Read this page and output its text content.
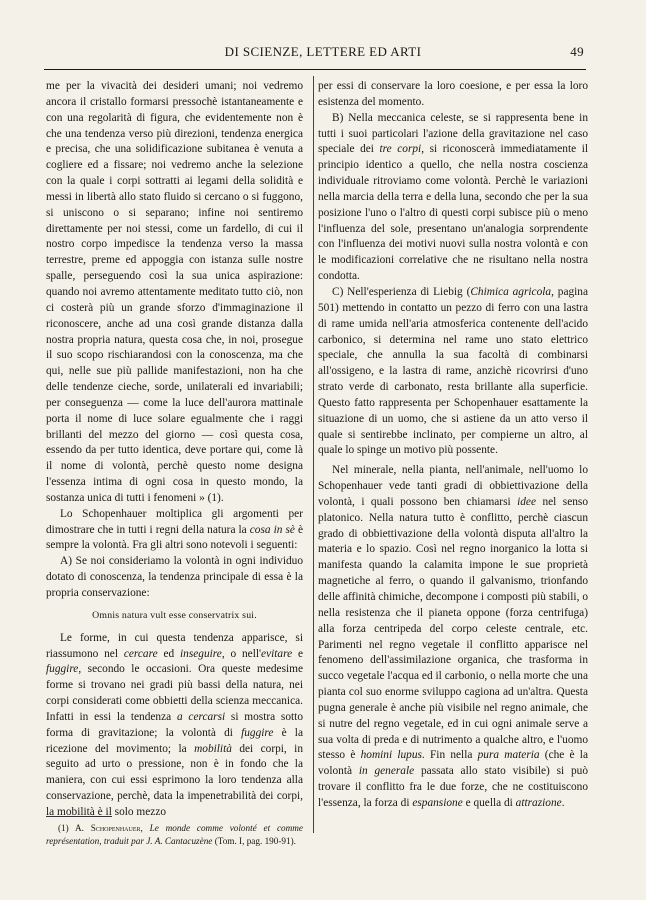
DI SCIENZE, LETTERE ED ARTI	49

me per la vivacità dei desideri umani; noi vedremo ancora il cristallo formarsi pressochè istantaneamente e con una regolarità di figura, che evidentemente non è che una tendenza verso più direzioni, tendenza energica e precisa, che una solidificazione subitanea è venuta a cogliere ed a fissare; noi vedremo anche la selezione con la quale i corpi sottratti ai legami della solidità e messi in libertà allo stato fluido si cercano o si fuggono, si uniscono o si separano; infine noi sentiremo direttamente per noi stessi, come un fardello, di cui il nostro corpo impedisce la tendenza verso la massa terrestre, preme ed appoggia con istanza sulle nostre spalle, perseguendo così la sua unica aspirazione: quando noi avremo attentamente meditato tutto ciò, non ci costerà più un grande sforzo d'immaginazione il riconoscere, anche ad una così grande distanza dalla nostra propria natura, questa cosa che, in noi, prosegue il suo scopo rischiarandosi con la conoscenza, ma che qui, nelle sue più pallide manifestazioni, non ha che delle tendenze cieche, sorde, unilaterali ed invariabili; per conseguenza — come la luce dell'aurora mattinale porta il nome di luce solare egualmente che i raggi brillanti del mezzo del giorno — così questa cosa, essendo da per tutto identica, deve portare qui, come là il nome di volontà, perchè questo nome designa l'essenza intima di ogni cosa in questo mondo, la sostanza unica di tutti i fenomeni » (1).

Lo Schopenhauer moltiplica gli argomenti per dimostrare che in tutti i regni della natura la cosa in sè è sempre la volontà. Fra gli altri sono notevoli i seguenti:

A) Se noi consideriamo la volontà in ogni individuo dotato di conoscenza, la tendenza principale di essa è la propria conservazione:

Omnis natura vult esse conservatrix sui.

Le forme, in cui questa tendenza apparisce, si riassumono nel cercare ed inseguire, o nell'evitare e fuggire, secondo le occasioni. Ora queste medesime forme si trovano nei gradi più bassi della natura, nei corpi considerati come obbietti della scienza meccanica. Infatti in essi la tendenza a cercarsi si mostra sotto forma di gravitazione; la volontà di fuggire è la ricezione del movimento; la mobilità dei corpi, in seguito ad urto o pressione, non è in fondo che la maniera, con cui essi esprimono la loro tendenza alla conservazione, perchè, data la impenetrabilità dei corpi, la mobilità è il solo mezzo

(1) A. Schopenhauer, Le monde comme volonté et comme représentation, traduit par J. A. Cantacuzène (Tom. I, pag. 190-91).

per essi di conservare la loro coesione, e per essa la loro esistenza del momento.

B) Nella meccanica celeste, se si rappresenta bene in tutti i suoi particolari l'azione della gravitazione nel caso speciale dei tre corpi, si riconoscerà immediatamente il principio identico a quello, che nella nostra coscienza individuale ritroviamo come volontà. Perchè le variazioni nella marcia della terra e della luna, secondo che per la sua posizione l'uno o l'altro di questi corpi subisce più o meno l'influenza del sole, presentano un'analogia sorprendente con l'influenza dei motivi nuovi sulla nostra volontà e con le modificazioni correlative che ne risultano nella nostra condotta.

C) Nell'esperienza di Liebig (Chimica agricola, pagina 501) mettendo in contatto un pezzo di ferro con una lastra di rame umida nell'aria atmosferica contenente dell'acido carbonico, si determina nel rame uno stato elettrico speciale, che annulla la sua facoltà di combinarsi all'ossigeno, e la lastra di rame, anzichè ricovrirsi d'uno strato verde di carbonato, resta brillante alla superficie. Questo fatto rappresenta per Schopenhauer esattamente la situazione di un uomo, che si astiene da un atto verso il quale si sentirebbe inclinato, per compierne un altro, al quale lo spinge un motivo più possente.

Nel minerale, nella pianta, nell'animale, nell'uomo lo Schopenhauer vede tanti gradi di obbiettivazione della volontà, i quali possono ben chiamarsi idee nel senso platonico. Nella natura tutto è conflitto, perchè ciascun grado di obbiettivazione della volontà disputa all'altro la materia e lo spazio. Così nel regno inorganico la lotta si manifesta quando la calamita impone le sue proprietà magnetiche al ferro, o quando il galvanismo, trionfando delle affinità chimiche, decompone i composti più stabili, o nella resistenza che il pianeta oppone (forza centrifuga) alla forza centripeda del corpo celeste centrale, etc. Parimenti nel regno vegetale il conflitto apparisce nel fenomeno dell'assimilazione organica, che trasforma in succo vegetale l'acqua ed il carbonio, o nella morte che una pianta col suo enorme sviluppo cagiona ad un'altra. Questa pugna generale è anche più visibile nel regno animale, che si nutre del regno vegetale, ed in cui ogni animale serve a sua volta di preda e di nutrimento a qualche altro, e l'uomo stesso è homini lupus. Fin nella pura materia (che è la volontà in generale passata allo stato visibile) si può trovare il conflitto fra le due forze, che ne costituiscono l'essenza, la forza di espansione e quella di attrazione.
